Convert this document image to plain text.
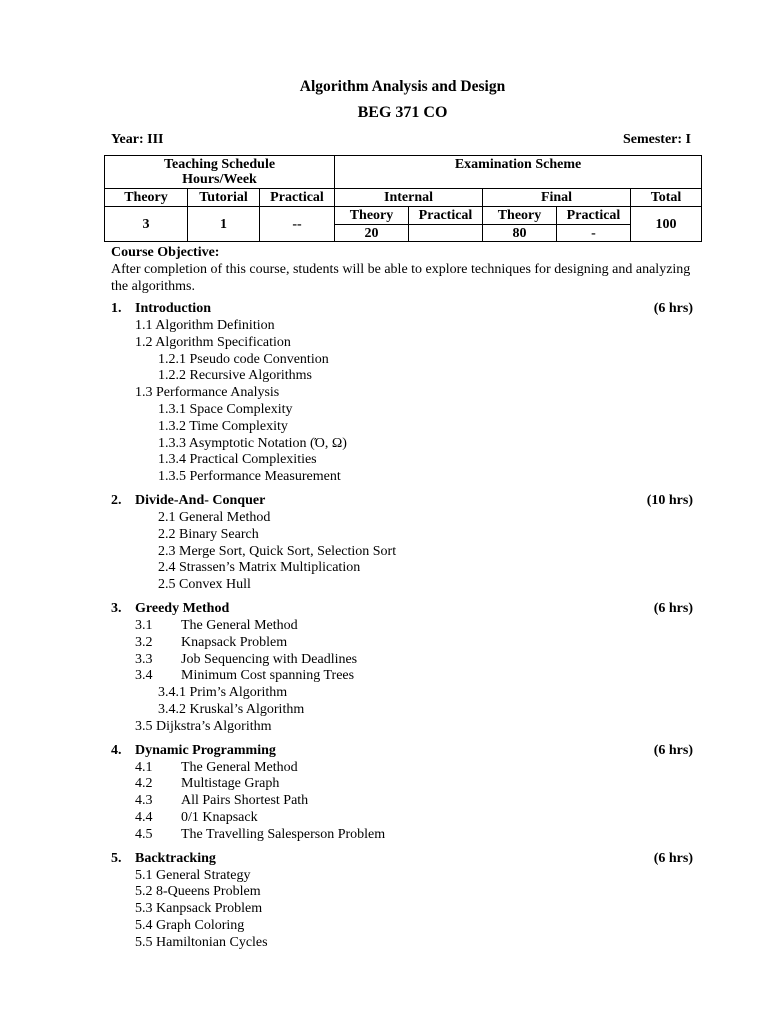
Algorithm Analysis and Design
BEG 371 CO
Year: III	Semester: I
Teaching Schedule
Hours/Week			Examination Scheme				
Theory	Tutorial	Practical	Internal		Final		Total
3	1	--	Theory	Practical	Theory	Practical	100
			20		80	-	
Course Objective:
After completion of this course, students will be able to explore techniques for designing and analyzing the algorithms.
1. Introduction	(6 hrs)
1.1 Algorithm Definition
1.2 Algorithm Specification
1.2.1 Pseudo code Convention
1.2.2 Recursive Algorithms
1.3 Performance Analysis
1.3.1 Space Complexity
1.3.2 Time Complexity
1.3.3 Asymptotic Notation (Ό, Ω)
1.3.4 Practical Complexities
1.3.5 Performance Measurement
2. Divide-And- Conquer	(10 hrs)
2.1 General Method
2.2 Binary Search
2.3 Merge Sort, Quick Sort, Selection Sort
2.4 Strassen’s Matrix Multiplication
2.5 Convex Hull
3. Greedy Method	(6 hrs)
3.1 The General Method
3.2 Knapsack Problem
3.3 Job Sequencing with Deadlines
3.4 Minimum Cost spanning Trees
3.4.1 Prim’s Algorithm
3.4.2 Kruskal’s Algorithm
3.5 Dijkstra’s Algorithm
4. Dynamic Programming	(6 hrs)
4.1 The General Method
4.2 Multistage Graph
4.3 All Pairs Shortest Path
4.4 0/1 Knapsack
4.5 The Travelling Salesperson Problem
5. Backtracking	(6 hrs)
5.1 General Strategy
5.2 8-Queens Problem
5.3 Kanpsack Problem
5.4 Graph Coloring
5.5 Hamiltonian Cycles
